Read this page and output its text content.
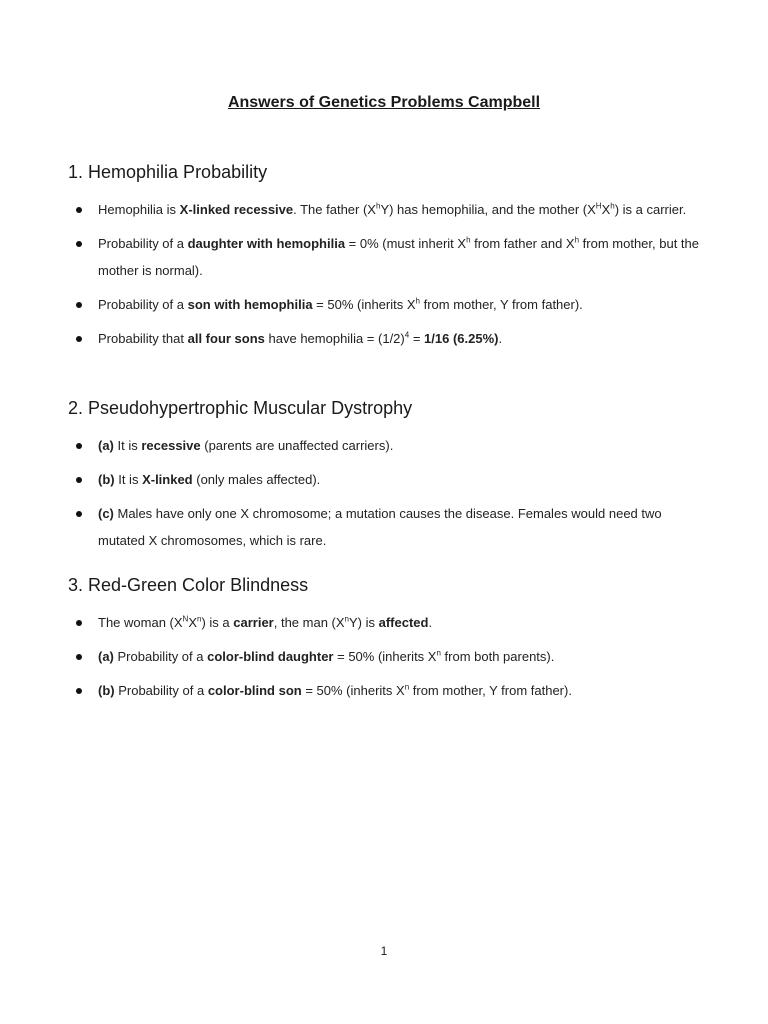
Answers of Genetics Problems Campbell
1. Hemophilia Probability
Hemophilia is X-linked recessive. The father $(X^hY)$ has hemophilia, and the mother $(X^HX^h)$ is a carrier.
Probability of a daughter with hemophilia = 0% (must inherit $X^h$ from father and $X^h$ from mother, but the mother is normal).
Probability of a son with hemophilia = 50% (inherits $X^h$ from mother, Y from father).
Probability that all four sons have hemophilia = $(1/2)^4 = 1/16$ (6.25%).
2. Pseudohypertrophic Muscular Dystrophy
(a) It is recessive (parents are unaffected carriers).
(b) It is X-linked (only males affected).
(c) Males have only one X chromosome; a mutation causes the disease. Females would need two mutated X chromosomes, which is rare.
3. Red-Green Color Blindness
The woman $(X^NX^n)$ is a carrier, the man $(X^nY)$ is affected.
(a) Probability of a color-blind daughter = 50% (inherits $X^n$ from both parents).
(b) Probability of a color-blind son = 50% (inherits $X^n$ from mother, Y from father).
1
